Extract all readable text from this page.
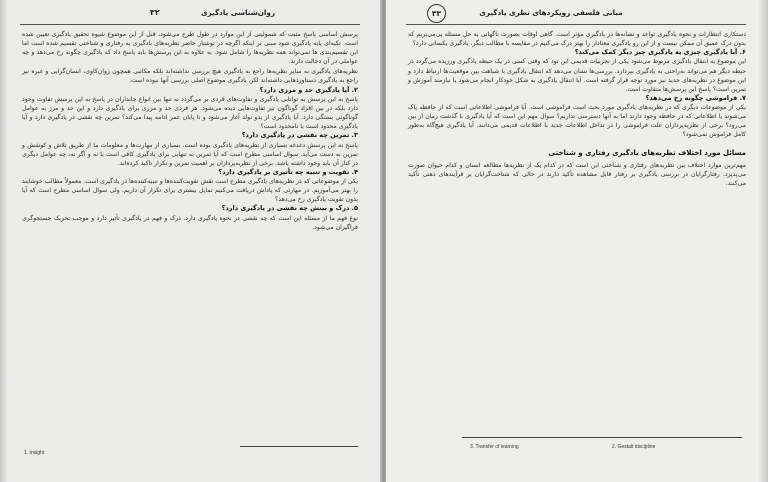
۳۲	روان‌شناسی یادگیری

پرسش اساسی پاسخ مثبت که شمولیتی از این موارد در طول طرح می‌شود، قبل از این موضوع شیوه تحقیق یادگیری تعیین شده است. تکیه‌ای پایه یادگیری شود مبنی بر اینکه اگرچه در نوشتار حاضر نظریه‌های یادگیری به رفتاری و شناختی تقسیم شده است اما این تقسیم‌بندی ها نمی‌تواند همه نظریه‌ها را شامل شود. به علاوه به این پرسش‌ها باید پاسخ داد که یادگیری چگونه رخ می‌دهد و چه عواملی در آن دخالت دارند.

نظریه‌های یادگیری به سایر نظریه‌ها راجع به یادگیری هیچ بررسی نداشته‌اند بلکه مکاتبی همچون روان‌کاوی، انسان‌گرایی و غیره نیز راجع به یادگیری دستاوردهایی داشته‌اند لکن یادگیری موضوع اصلی بررسی آنها نبوده است.

۲. آیا یادگیری حد و مرزی دارد؟

پاسخ به این پرسش به توانایی یادگیری و تفاوت‌های فردی بر می‌گردد نه تنها بین انواع جانداران در پاسخ به این پرسش تفاوت وجود دارد بلکه در بین افراد گوناگون نیز تفاوت‌هایی دیده می‌شود. هر فردی حد و مرزی برای یادگیری دارد و این حد و مرز به عوامل گوناگونی بستگی دارد. آیا یادگیری از بدو تولد آغاز می‌شود و تا پایان عمر ادامه پیدا می‌کند؟ تمرین چه نقشی در یادگیری دارد و آیا یادگیری محدود است یا نامحدود است؟

۳. تمرین چه نقشی در یادگیری دارد؟

پاسخ به این پرسش دغدغه بسیاری از نظریه‌های یادگیری بوده است. بسیاری از مهارت‌ها و معلومات ما از طریق تلاش و کوشش و تمرین به دست می‌آید. سوال اساسی مطرح است که آیا تمرین به تنهایی برای یادگیری کافی است یا نه و اگر نه، چه عوامل دیگری در کنار آن باید وجود داشته باشد. برخی از نظریه‌پردازان بر اهمیت تمرین و تکرار تاکید کرده‌اند.

۴. تقویت و تنبیه چه تأثیری بر یادگیری دارد؟

یکی از موضوعاتی که در نظریه‌های یادگیری مطرح است نقش تقویت‌کننده‌ها و تنبیه‌کننده‌ها در یادگیری است. معمولاً مطالب خوشایند را بهتر می‌آموزیم. در مهارتی که پاداش دریافت می‌کنیم تمایل بیشتری برای تکرار آن داریم. ولی سوال اساسی مطرح است که آیا بدون تقویت یادگیری رخ می‌دهد؟

۵. درک و بینش چه نقشی در یادگیری دارد؟

نوع فهم ما از مسئله این است که چه نقشی در نحوه یادگیری دارد. درک و فهم در یادگیری تأثیر دارد و موجب تحریک جستجوگری فراگیران می‌شود.

1. Insight
مبانی فلسفی رویکردهای نظری یادگیری

دستکاری انتظارات و نحوه یادگیری تواعد و نشانه‌ها در یادگیری مؤثر است. گاهی اوقات بصورت ناگهانی به حل مسئله پی‌می‌بریم که بدون درک عمیق آن ممکن نیست و از این رو یادگیری معنادار را بهتر درک می‌کنیم در مقایسه با مطالب دیگر، یادگیری یکسانی دارد؟

۶. آیا یادگیری چیزی به یادگیری چیز دیگر کمک می‌کند؟

این موضوع به انتقال یادگیری مربوط می‌شود یکی از تجربیات قدیمی این بود که وقتی کسی در یک حیطه یادگیری ورزیده می‌گردد در حیطه دیگر هم می‌تواند به‌راحتی به یادگیری بپردازد. بررسی‌ها نشان می‌دهد که انتقال یادگیری با شباهت بین موقعیت‌ها ارتباط دارد و این موضوع در نظریه‌های جدید نیز مورد توجه قرار گرفته است. آیا انتقال یادگیری به شکل خودکار انجام می‌شود یا نیازمند آموزش و تمرین است؟ پاسخ این پرسش‌ها متفاوت است.

۷. فراموشی چگونه رخ می‌دهد؟

یکی از موضوعات دیگری که در نظریه‌های یادگیری مورد بحث است فراموشی است. آیا فراموشی اطلاعاتی است که از حافظه پاک می‌شوند یا اطلاعاتی که در حافظه وجود دارند اما به آنها دسترسی نداریم؟ سوال مهم این است که آیا یادگیری با گذشت زمان از بین می‌رود؟ برخی از نظریه‌پردازان علت فراموشی را در تداخل اطلاعات جدید با اطلاعات قدیمی می‌دانند. آیا یادگیری هیچ‌گاه به‌طور کامل فراموش نمی‌شود؟

مسائل مورد اختلاف نظریه‌های یادگیری رفتاری و شناختی

مهم‌ترین موارد اختلاف بین نظریه‌های رفتاری و شناختی این است که در کدام یک از نظریه‌ها مطالعه انسان و کدام حیوان صورت می‌پذیرد. رفتارگرایان در بررسی یادگیری بر رفتار قابل مشاهده تأکید دارند در حالی که شناخت‌گرایان بر فرآیندهای ذهنی تأکید می‌کنند.

۳۳
3. Transfer of learning	2. Gestalt discipline
